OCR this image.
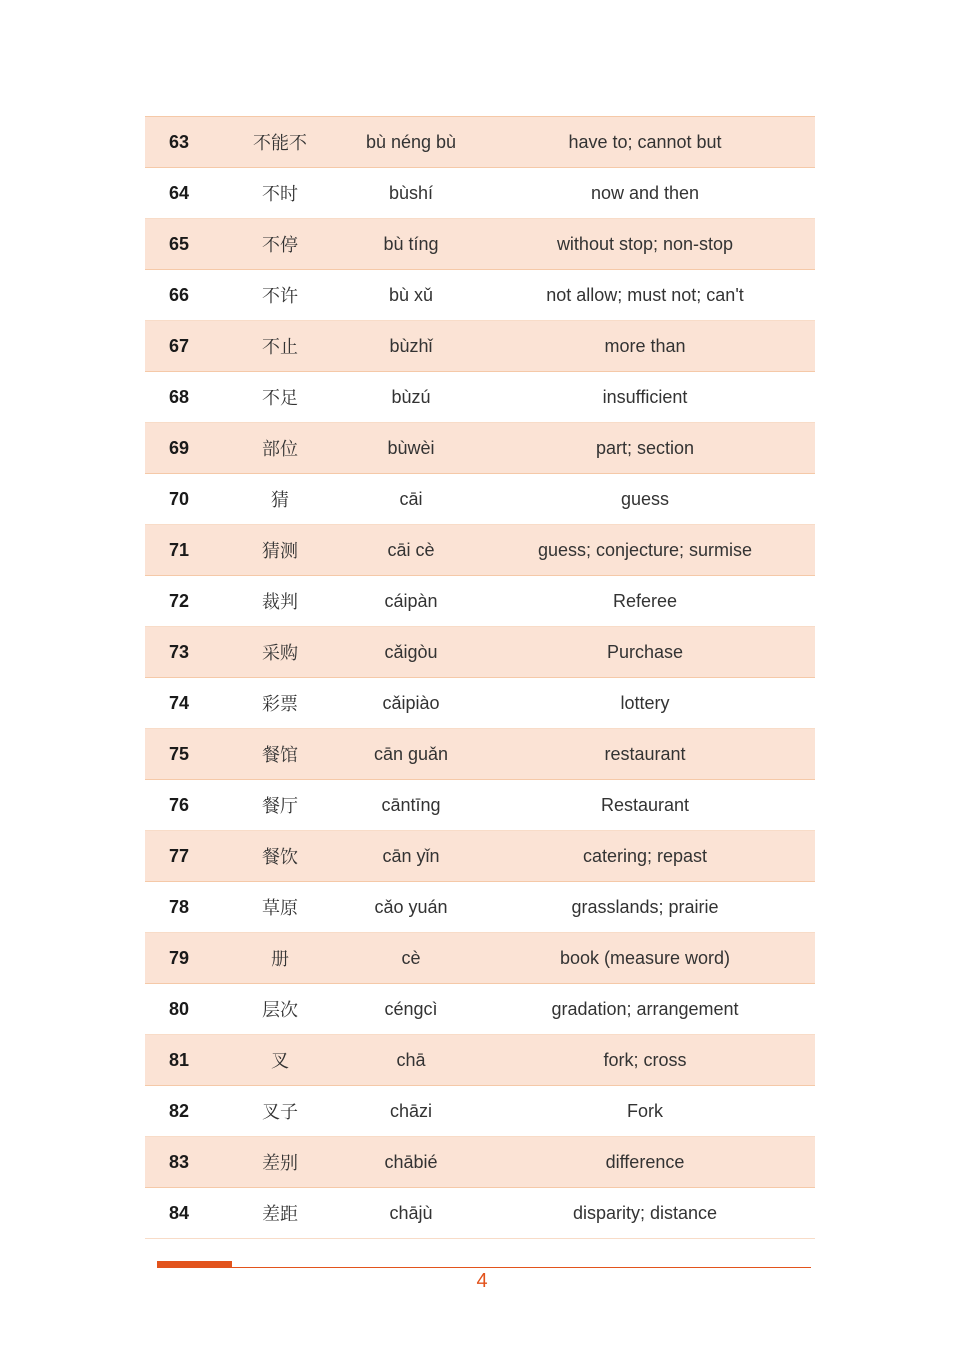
63	不能不	bù néng bù	have to; cannot but
64	不时	bùshí	now and then
65	不停	bù tíng	without stop; non-stop
66	不许	bù xǔ	not allow; must not; can't
67	不止	bùzhǐ	more than
68	不足	bùzú	insufficient
69	部位	bùwèi	part; section
70	猜	cāi	guess
71	猜测	cāi cè	guess; conjecture; surmise
72	裁判	cáipàn	Referee
73	采购	cǎigòu	Purchase
74	彩票	cǎipiào	lottery
75	餐馆	cān guǎn	restaurant
76	餐厅	cāntīng	Restaurant
77	餐饮	cān yǐn	catering; repast
78	草原	cǎo yuán	grasslands; prairie
79	册	cè	book (measure word)
80	层次	céngcì	gradation; arrangement
81	叉	chā	fork; cross
82	叉子	chāzi	Fork
83	差别	chābié	difference
84	差距	chājù	disparity; distance
4
